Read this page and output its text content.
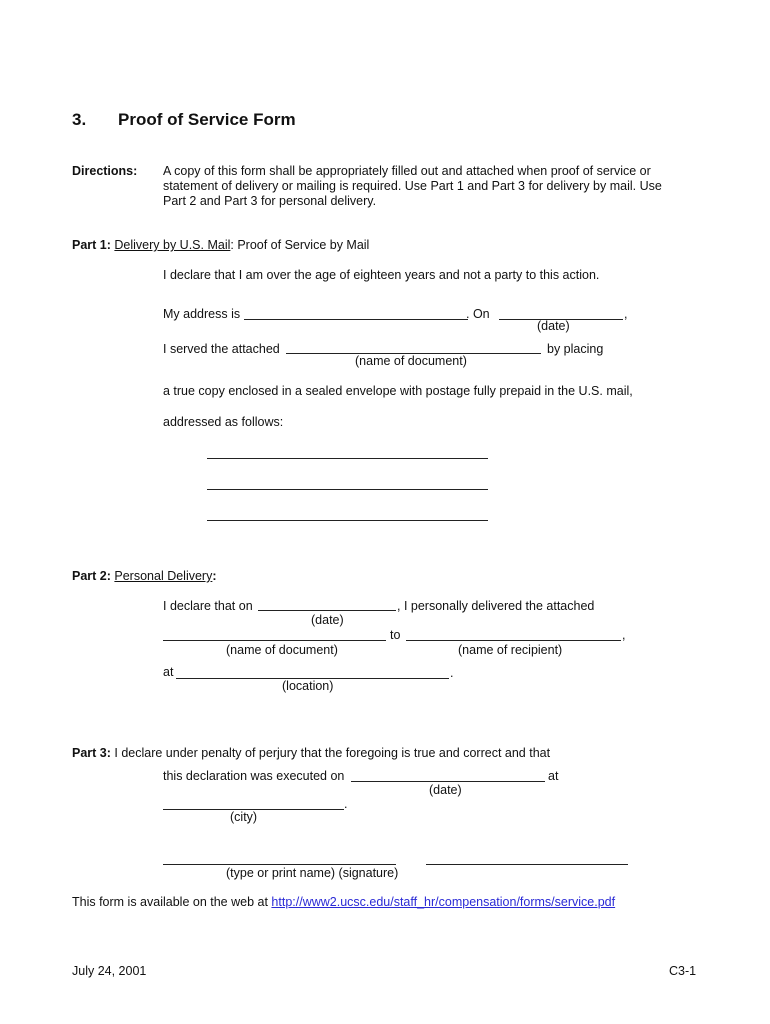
3. Proof of Service Form
Directions: A copy of this form shall be appropriately filled out and attached when proof of service or
statement of delivery or mailing is required. Use Part 1 and Part 3 for delivery by mail. Use
Part 2 and Part 3 for personal delivery.
Part 1: Delivery by U.S. Mail: Proof of Service by Mail
I declare that I am over the age of eighteen years and not a party to this action.
My address is	. On	,
(date)
I served the attached	by placing
(name of document)
a true copy enclosed in a sealed envelope with postage fully prepaid in the U.S. mail,
addressed as follows:
Part 2: Personal Delivery:
I declare that on	, I personally delivered the attached
(date)
to	,
(name of document)	(name of recipient)
at	.
(location)
Part 3: I declare under penalty of perjury that the foregoing is true and correct and that
this declaration was executed on	at
(date)
.
(city)
(type or print name) (signature)
This form is available on the web at http://www2.ucsc.edu/staff_hr/compensation/forms/service.pdf
July 24, 2001	C3-1
